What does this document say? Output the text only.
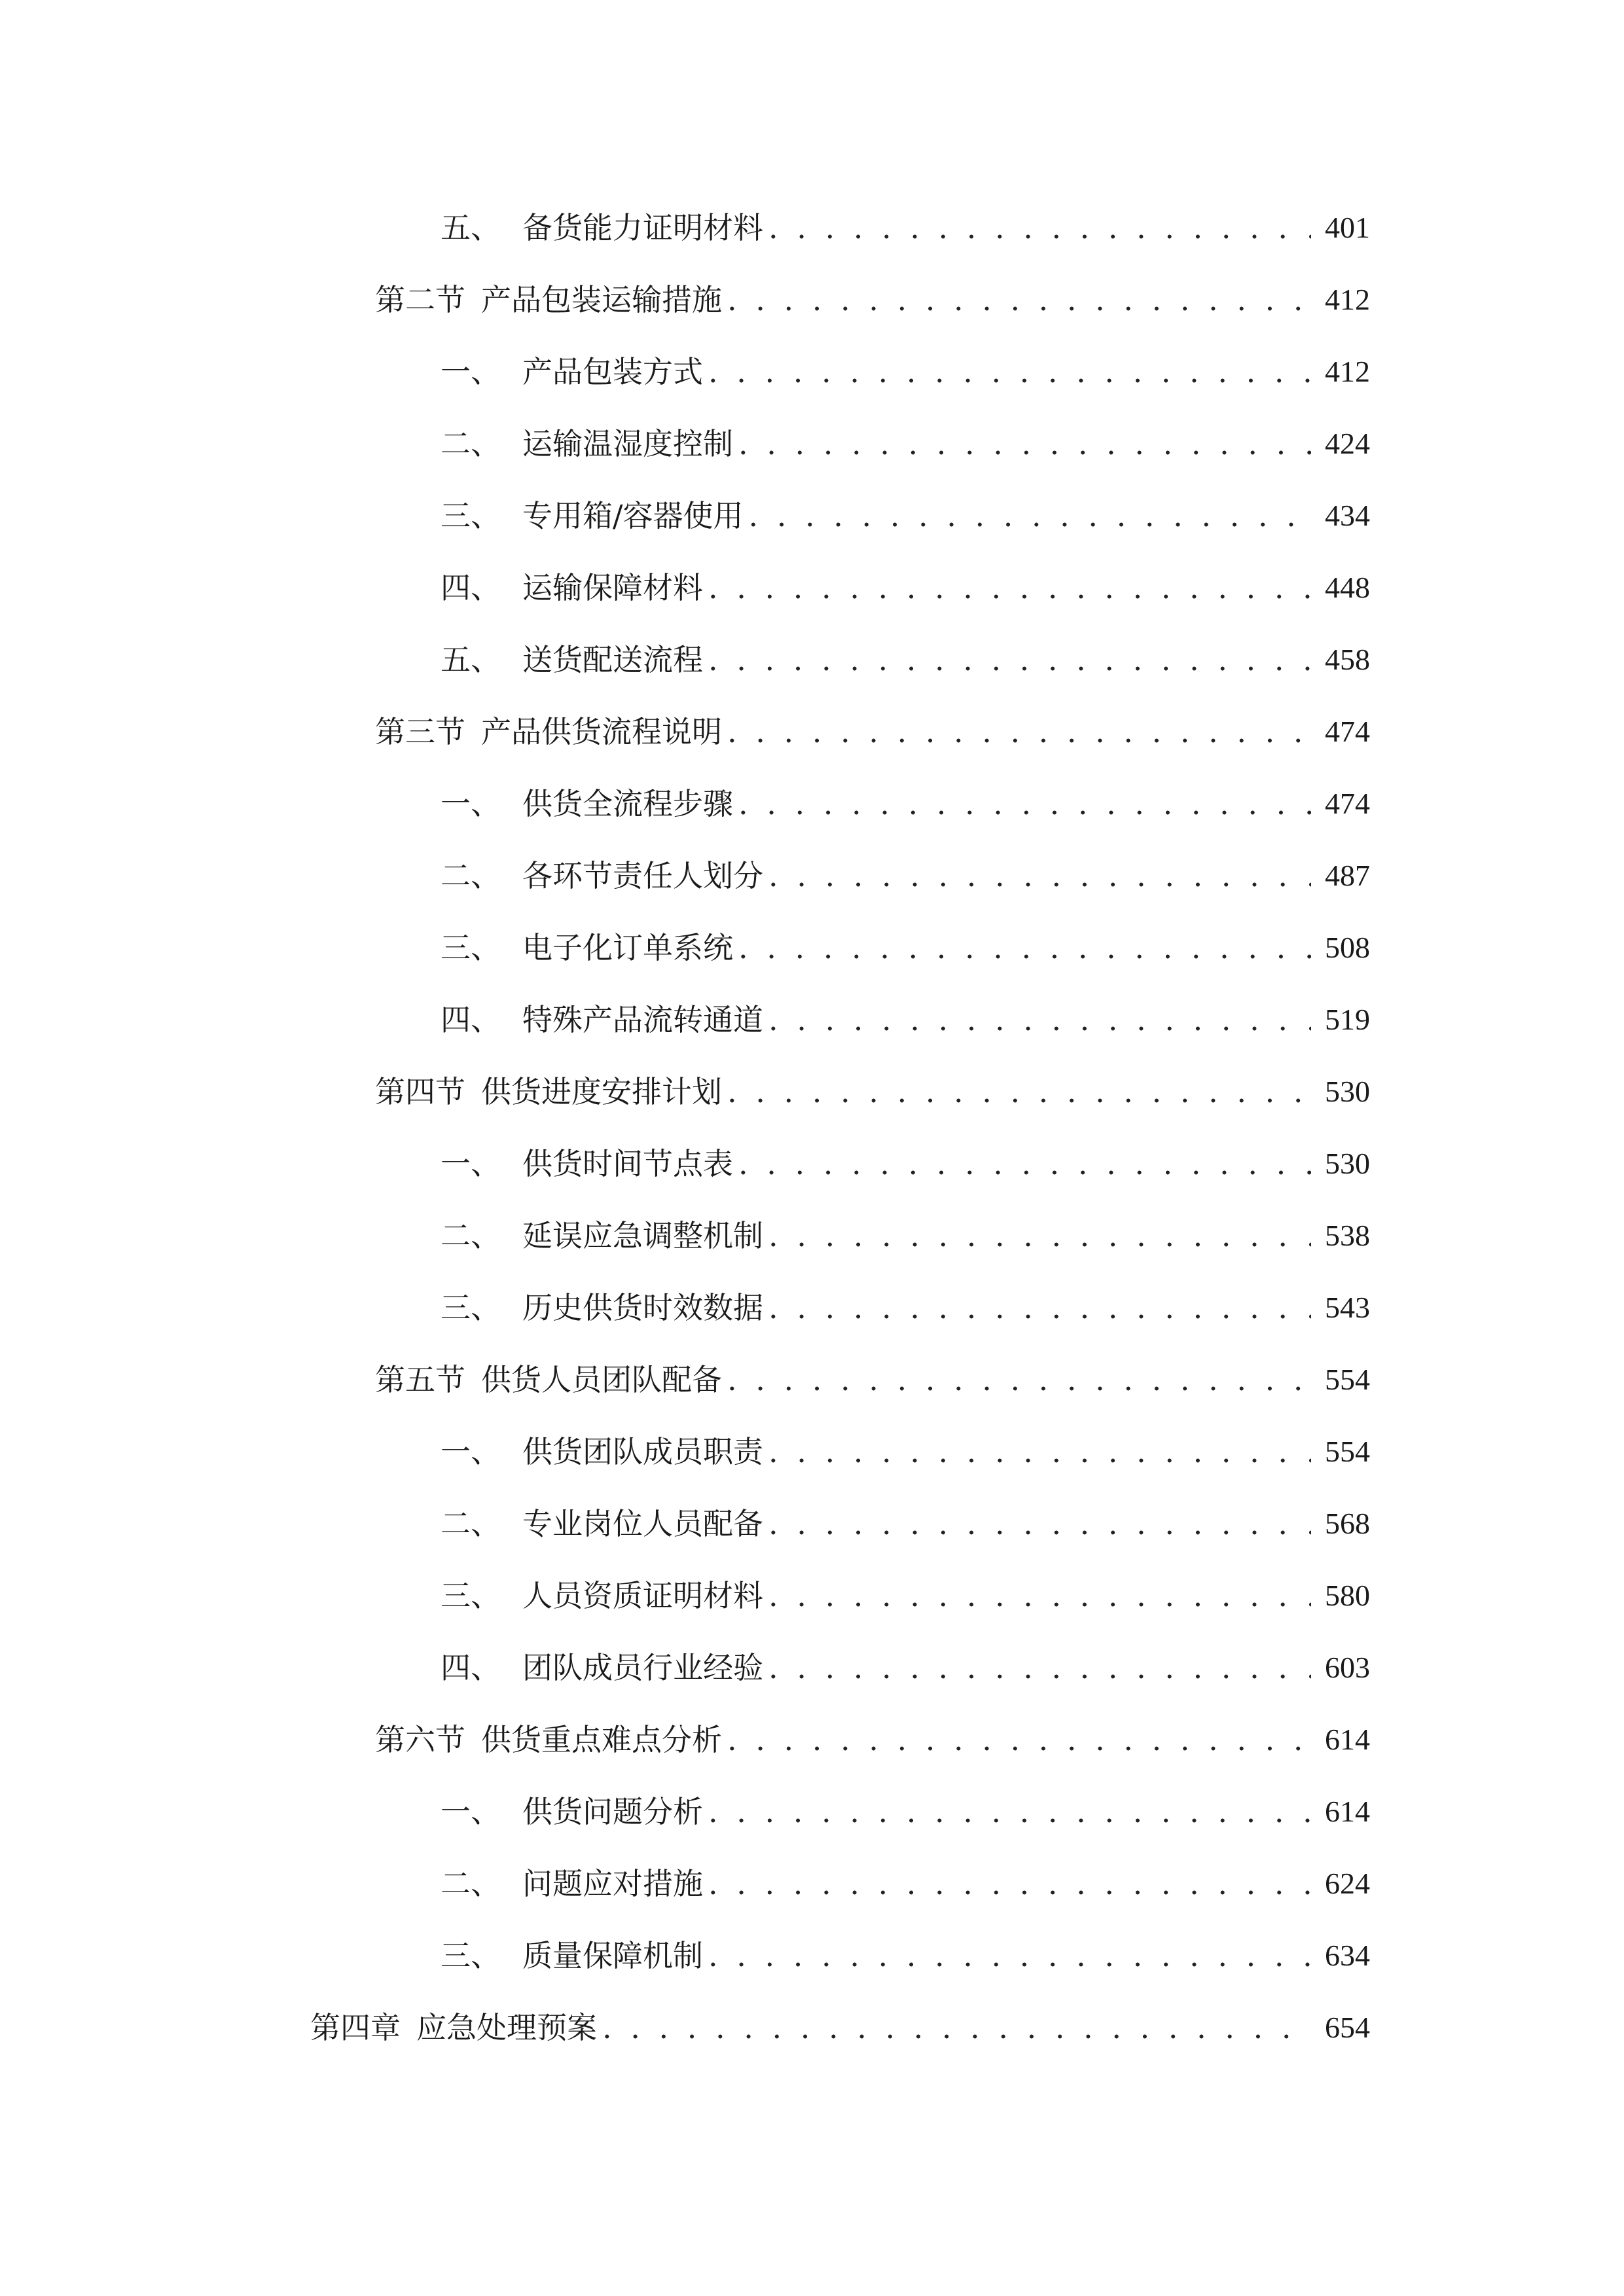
五、 备货能力证明材料 . . .	401
第二节 产品包装运输措施 . . .	412
一、 产品包装方式 . . .	412
二、 运输温湿度控制 . . .	424
三、 专用箱/容器使用 . . .	434
四、 运输保障材料 . . .	448
五、 送货配送流程 . . .	458
第三节 产品供货流程说明 . . .	474
一、 供货全流程步骤 . . .	474
二、 各环节责任人划分 . . .	487
三、 电子化订单系统 . . .	508
四、 特殊产品流转通道 . . .	519
第四节 供货进度安排计划 . . .	530
一、 供货时间节点表 . . .	530
二、 延误应急调整机制 . . .	538
三、 历史供货时效数据 . . .	543
第五节 供货人员团队配备 . . .	554
一、 供货团队成员职责 . . .	554
二、 专业岗位人员配备 . . .	568
三、 人员资质证明材料 . . .	580
四、 团队成员行业经验 . . .	603
第六节 供货重点难点分析 . . .	614
一、 供货问题分析 . . .	614
二、 问题应对措施 . . .	624
三、 质量保障机制 . . .	634
第四章 应急处理预案 . . .	654
